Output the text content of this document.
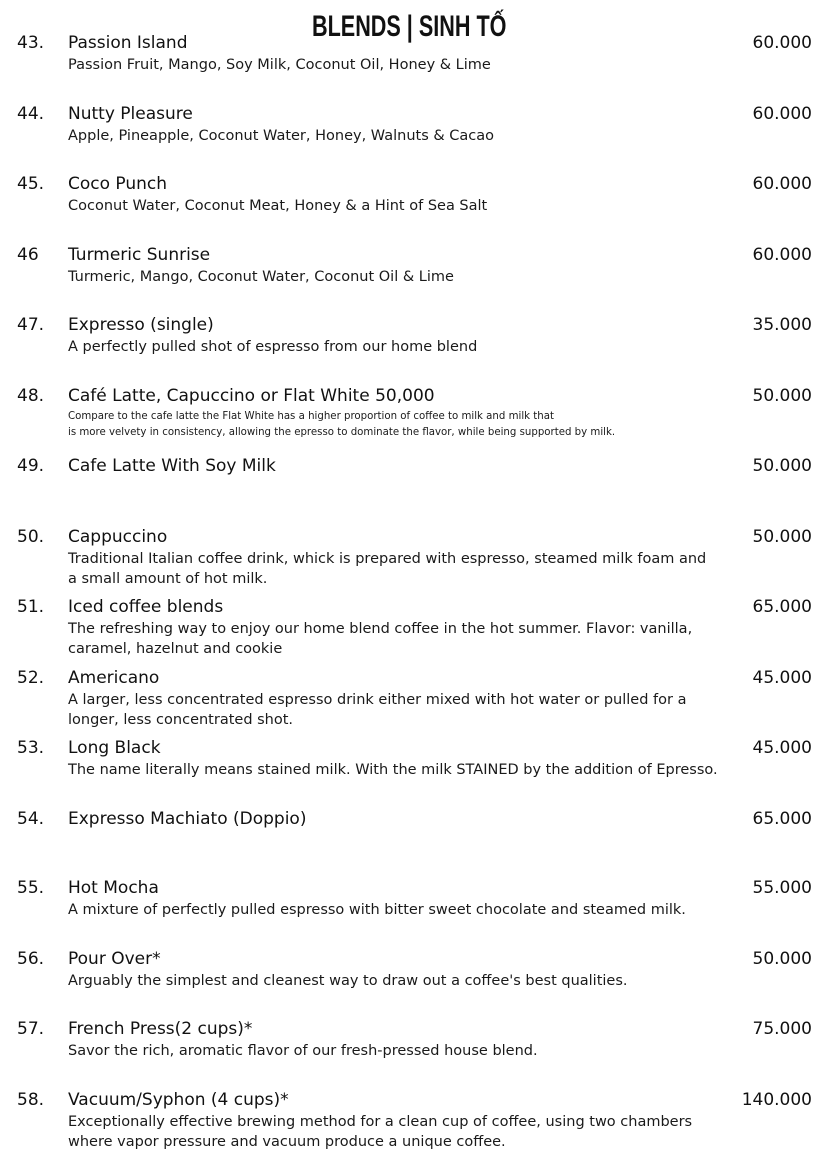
BLENDS | SINH TỐ
43. Passion Island	60.000
Passion Fruit, Mango, Soy Milk, Coconut Oil, Honey & Lime
44. Nutty Pleasure	60.000
Apple, Pineapple, Coconut Water, Honey, Walnuts & Cacao
45. Coco Punch	60.000
Coconut Water, Coconut Meat, Honey & a Hint of Sea Salt
46 Turmeric Sunrise	60.000
Turmeric, Mango, Coconut Water, Coconut Oil & Lime
47. Expresso (single)	35.000
A perfectly pulled shot of espresso from our home blend
48. Café Latte, Capuccino or Flat White 50,000	50.000
Compare to the cafe latte the Flat White has a higher proportion of coffee to milk and milk that
is more velvety in consistency, allowing the epresso to dominate the flavor, while being supported by milk.
49. Cafe Latte With Soy Milk	50.000
50. Cappuccino	50.000
Traditional Italian coffee drink, whick is prepared with espresso, steamed milk foam and a small amount of hot milk.
51. Iced coffee blends	65.000
The refreshing way to enjoy our home blend coffee in the hot summer. Flavor: vanilla, caramel, hazelnut and cookie
52. Americano	45.000
A larger, less concentrated espresso drink either mixed with hot water or pulled for a longer, less concentrated shot.
53. Long Black	45.000
The name literally means stained milk. With the milk STAINED by the addition of Epresso.
54. Expresso Machiato (Doppio)	65.000
55. Hot Mocha	55.000
A mixture of perfectly pulled espresso with bitter sweet chocolate and steamed milk.
56. Pour Over*	50.000
Arguably the simplest and cleanest way to draw out a coffee's best qualities.
57. French Press(2 cups)*	75.000
Savor the rich, aromatic flavor of our fresh-pressed house blend.
58. Vacuum/Syphon (4 cups)*	140.000
Exceptionally effective brewing method for a clean cup of coffee, using two chambers where vapor pressure and vacuum produce a unique coffee.
